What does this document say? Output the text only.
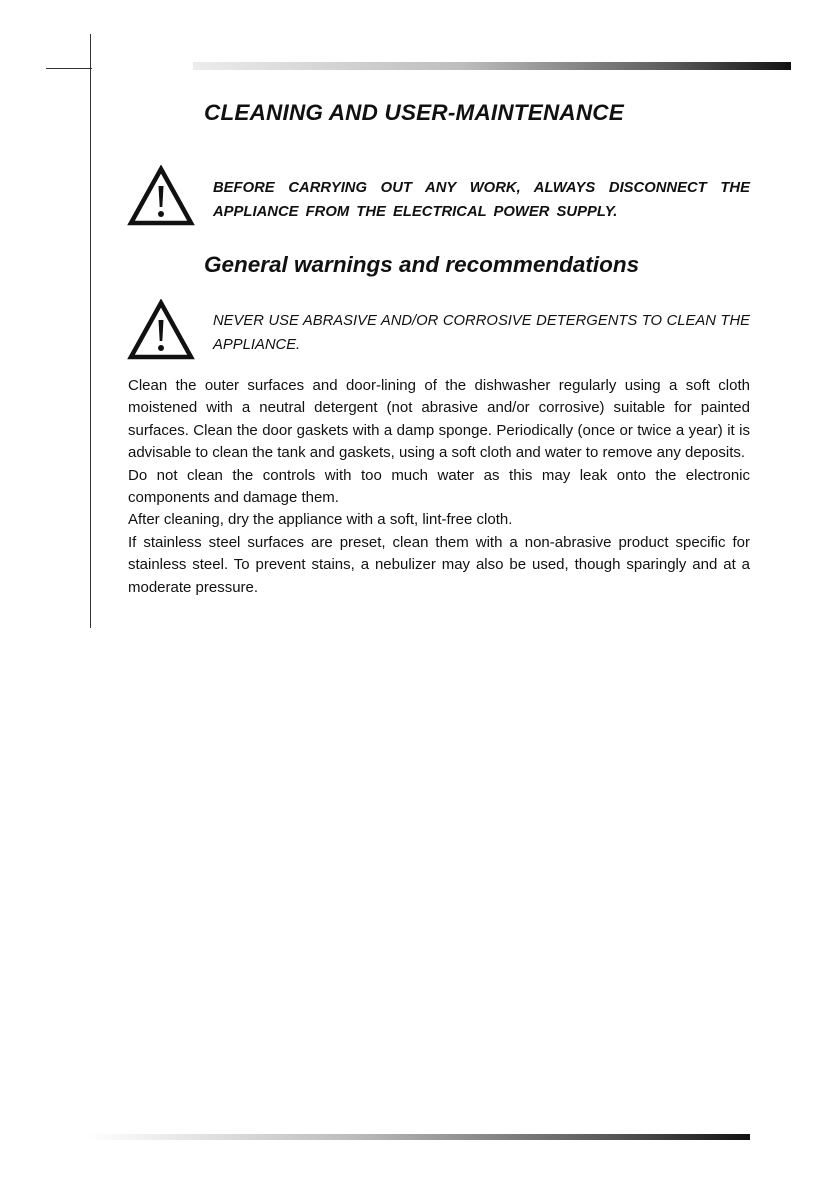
CLEANING AND USER-MAINTENANCE
BEFORE CARRYING OUT ANY WORK, ALWAYS DISCONNECT THE APPLIANCE FROM THE ELECTRICAL POWER SUPPLY.
General warnings and recommendations
NEVER USE ABRASIVE AND/OR CORROSIVE DETERGENTS TO CLEAN THE APPLIANCE.

Clean the outer surfaces and door-lining of the dishwasher regularly using a soft cloth moistened with a neutral detergent (not abrasive and/or corrosive) suitable for painted surfaces. Clean the door gaskets with a damp sponge. Periodically (once or twice a year) it is advisable to clean the tank and gaskets, using a soft cloth and water to remove any deposits.

Do not clean the controls with too much water as this may leak onto the electronic components and damage them.

After cleaning, dry the appliance with a soft, lint-free cloth.

If stainless steel surfaces are preset, clean them with a non-abrasive product specific for stainless steel. To prevent stains, a nebulizer may also be used, though sparingly and at a moderate pressure.
